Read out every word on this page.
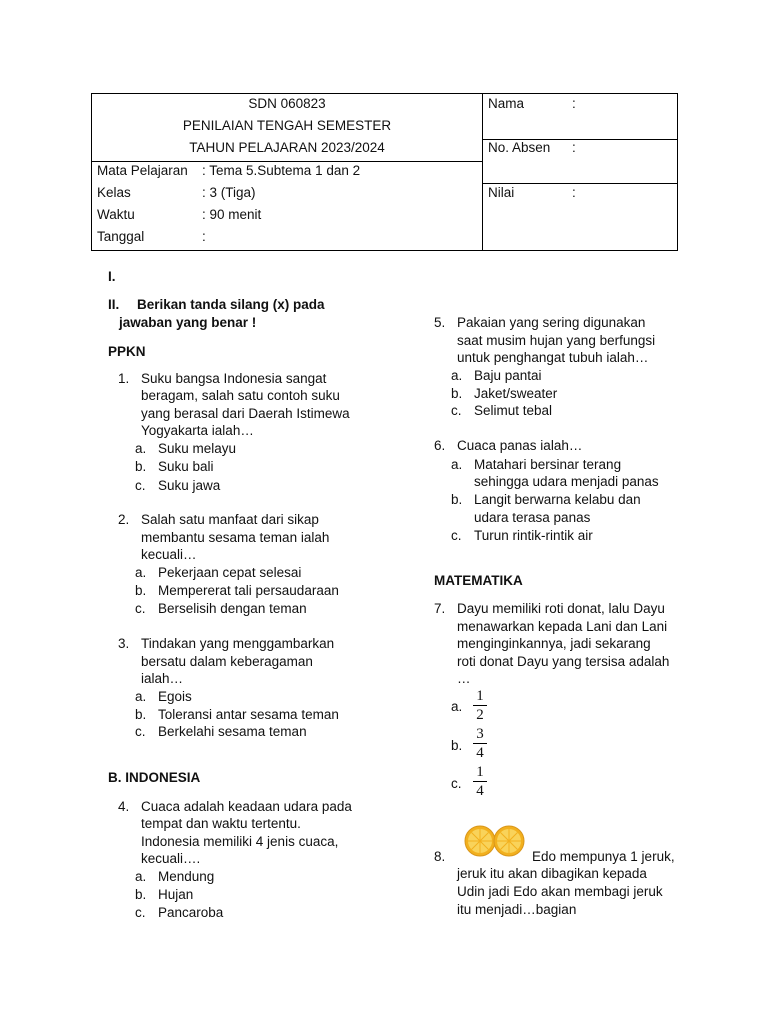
SDN 060823
PENILAIAN TENGAH SEMESTER
TAHUN PELAJARAN 2023/2024
Mata Pelajaran : Tema 5.Subtema 1 dan 2
Kelas	: 3 (Tiga)
Waktu	: 90 menit
Tanggal	:
Nama	:
No. Absen :
Nilai	:
I.
II. Berikan tanda silang (x) pada
jawaban yang benar !
PPKN
1. Suku bangsa Indonesia sangat
beragam, salah satu contoh suku
yang berasal dari Daerah Istimewa
Yogyakarta ialah…
a. Suku melayu
b. Suku bali
c. Suku jawa
2. Salah satu manfaat dari sikap
membantu sesama teman ialah
kecuali…
a. Pekerjaan cepat selesai
b. Mempererat tali persaudaraan
c. Berselisih dengan teman
3. Tindakan yang menggambarkan
bersatu dalam keberagaman
ialah…
a. Egois
b. Toleransi antar sesama teman
c. Berkelahi sesama teman
B. INDONESIA
4. Cuaca adalah keadaan udara pada
tempat dan waktu tertentu.
Indonesia memiliki 4 jenis cuaca,
kecuali….
a. Mendung
b. Hujan
c. Pancaroba
5. Pakaian yang sering digunakan
saat musim hujan yang berfungsi
untuk penghangat tubuh ialah…
a. Baju pantai
b. Jaket/sweater
c. Selimut tebal
6. Cuaca panas ialah…
a. Matahari bersinar terang
sehingga udara menjadi panas
b. Langit berwarna kelabu dan
udara terasa panas
c. Turun rintik-rintik air
MATEMATIKA
7. Dayu memiliki roti donat, lalu Dayu
menawarkan kepada Lani dan Lani
menginginkannya, jadi sekarang
roti donat Dayu yang tersisa adalah
…
a.
1
2
b.
3
4
c.
1
4
8.	Edo mempunya 1 jeruk,
jeruk itu akan dibagikan kepada
Udin jadi Edo akan membagi jeruk
itu menjadi…bagian
